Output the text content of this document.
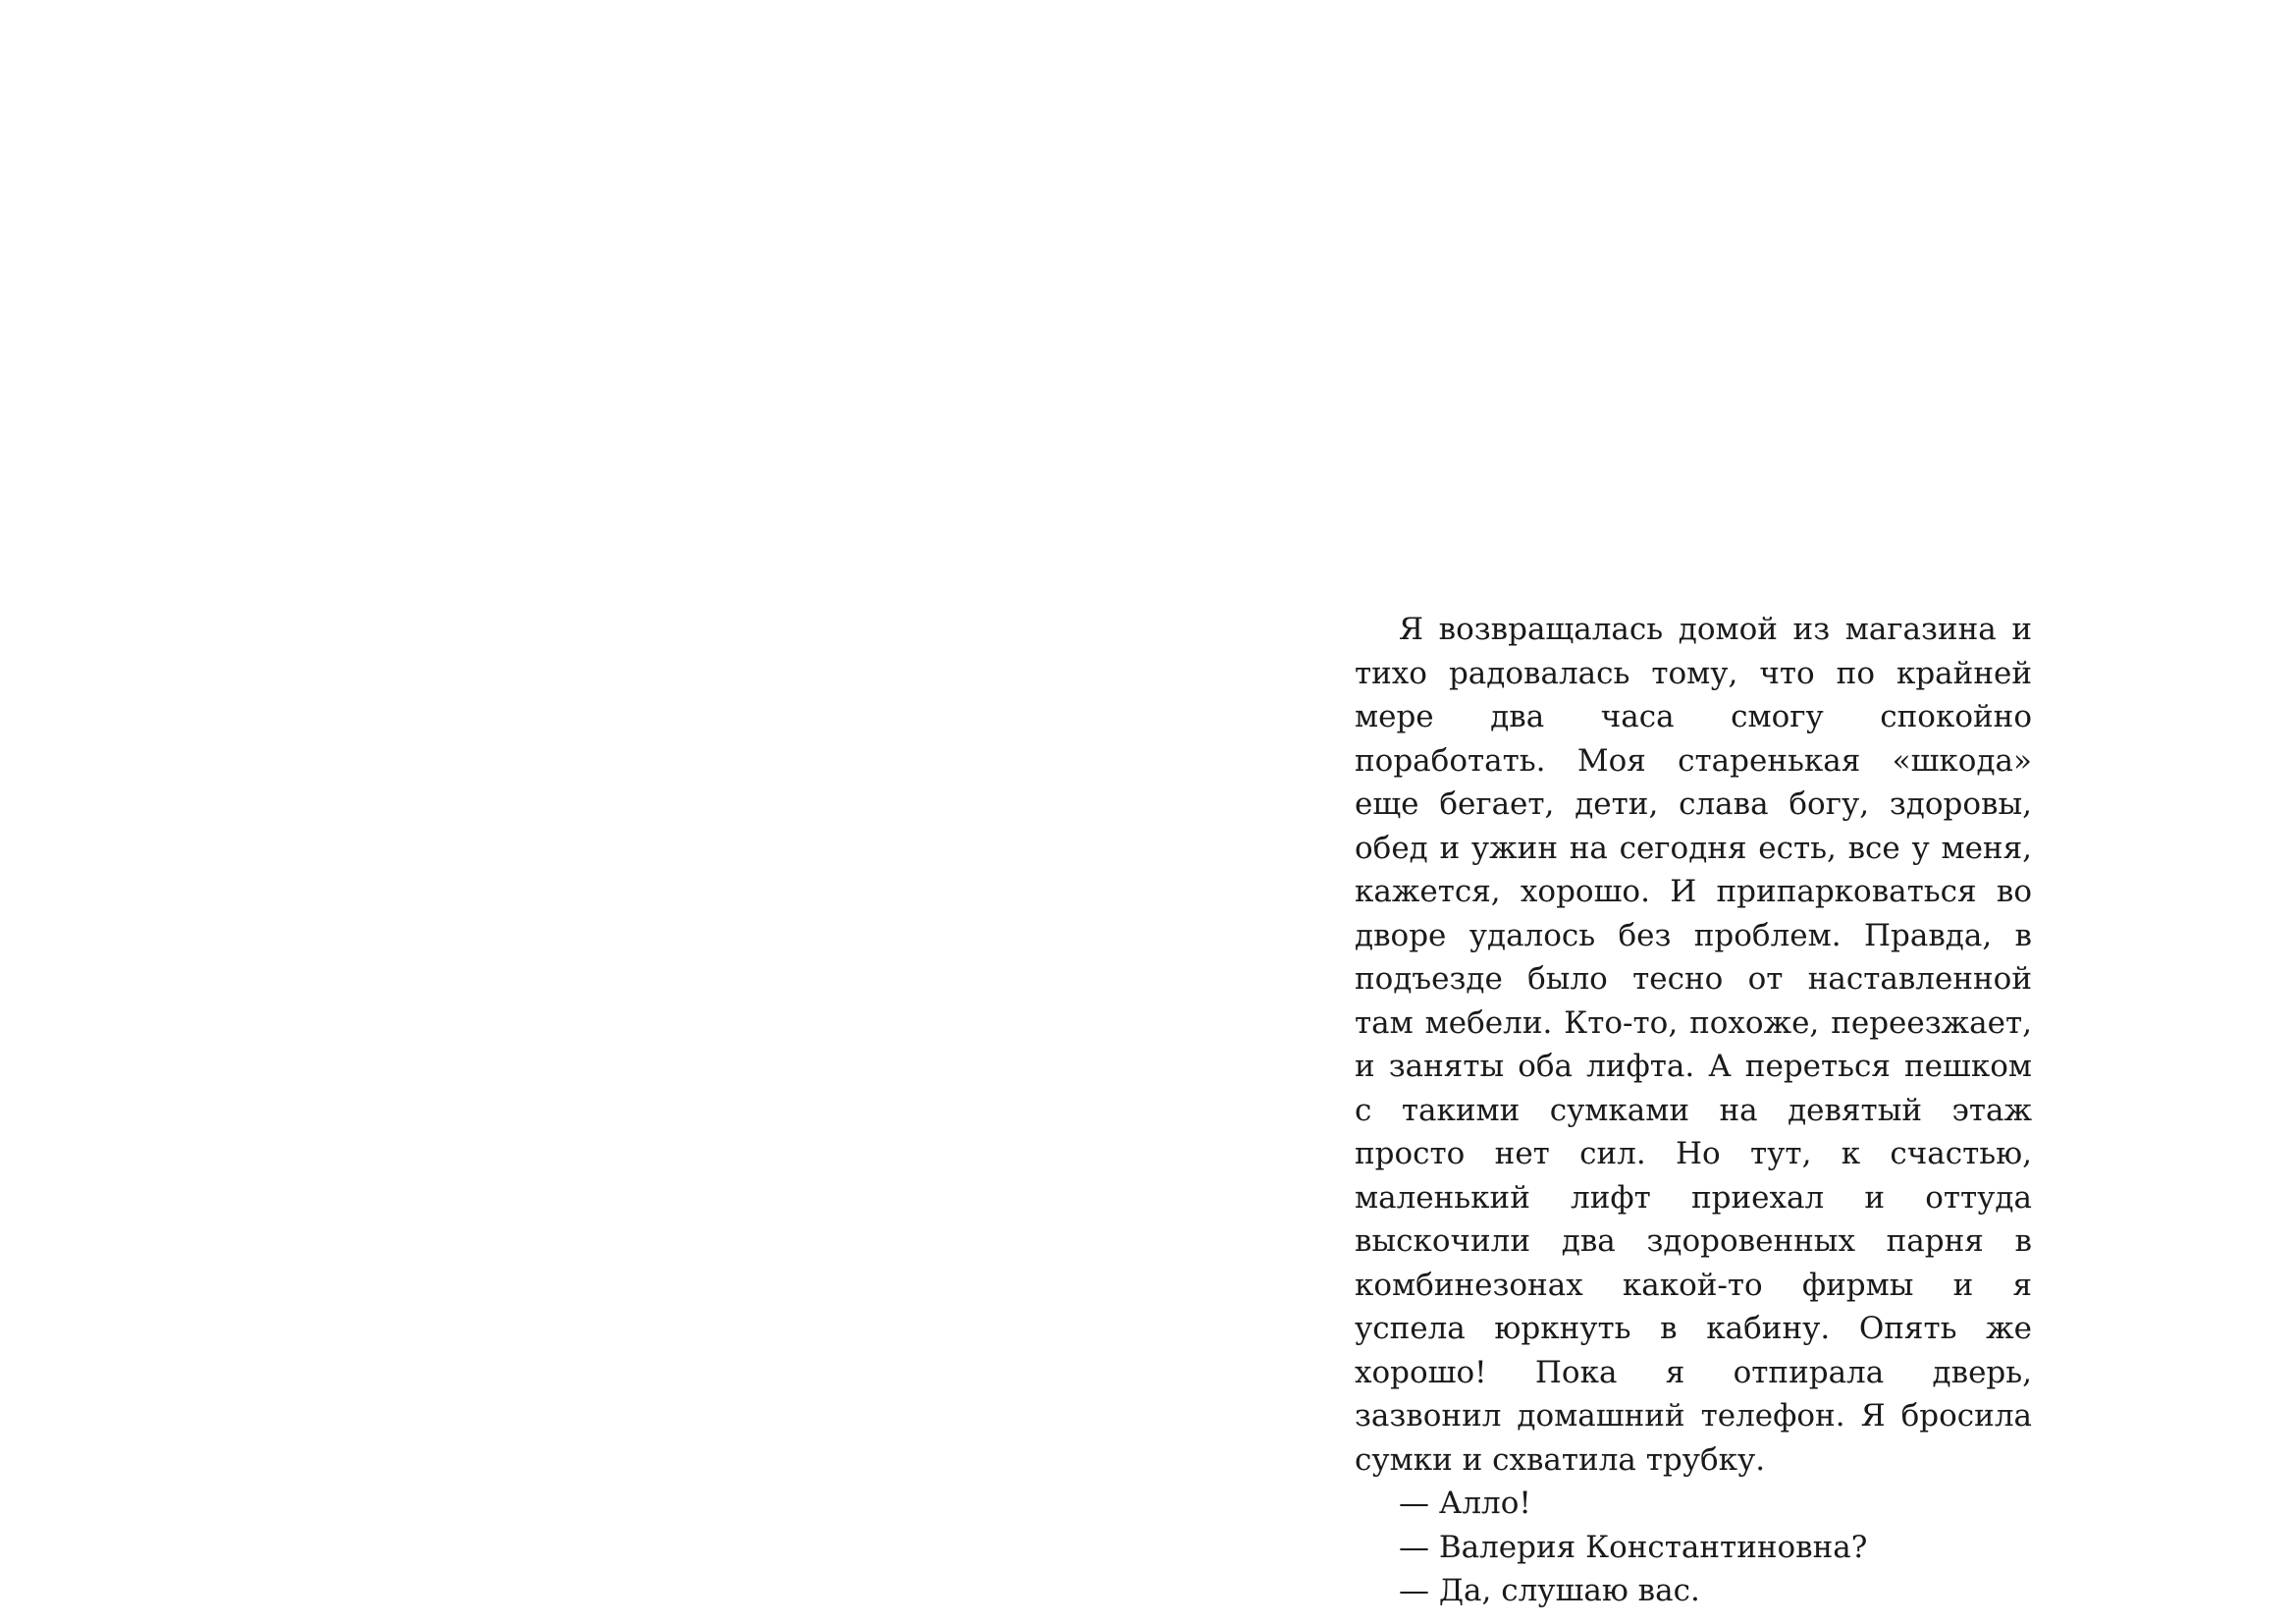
Я возвращалась домой из магазина и тихо радовалась тому, что по крайней мере два часа смогу спокойно поработать. Моя старенькая «шкода» еще бегает, дети, слава богу, здоровы, обед и ужин на сегодня есть, все у меня, кажется, хорошо. И припарковаться во дворе удалось без проблем. Правда, в подъезде было тесно от наставленной там мебели. Кто-то, похоже, переезжает, и заняты оба лифта. А переться пешком с такими сумками на девятый этаж просто нет сил. Но тут, к счастью, маленький лифт приехал и оттуда выскочили два здоровенных парня в комбинезонах какой-то фирмы и я успела юркнуть в кабину. Опять же хорошо! Пока я отпирала дверь, зазвонил домашний телефон. Я бросила сумки и схватила трубку.

— Алло!

— Валерия Константиновна?

— Да, слушаю вас.
